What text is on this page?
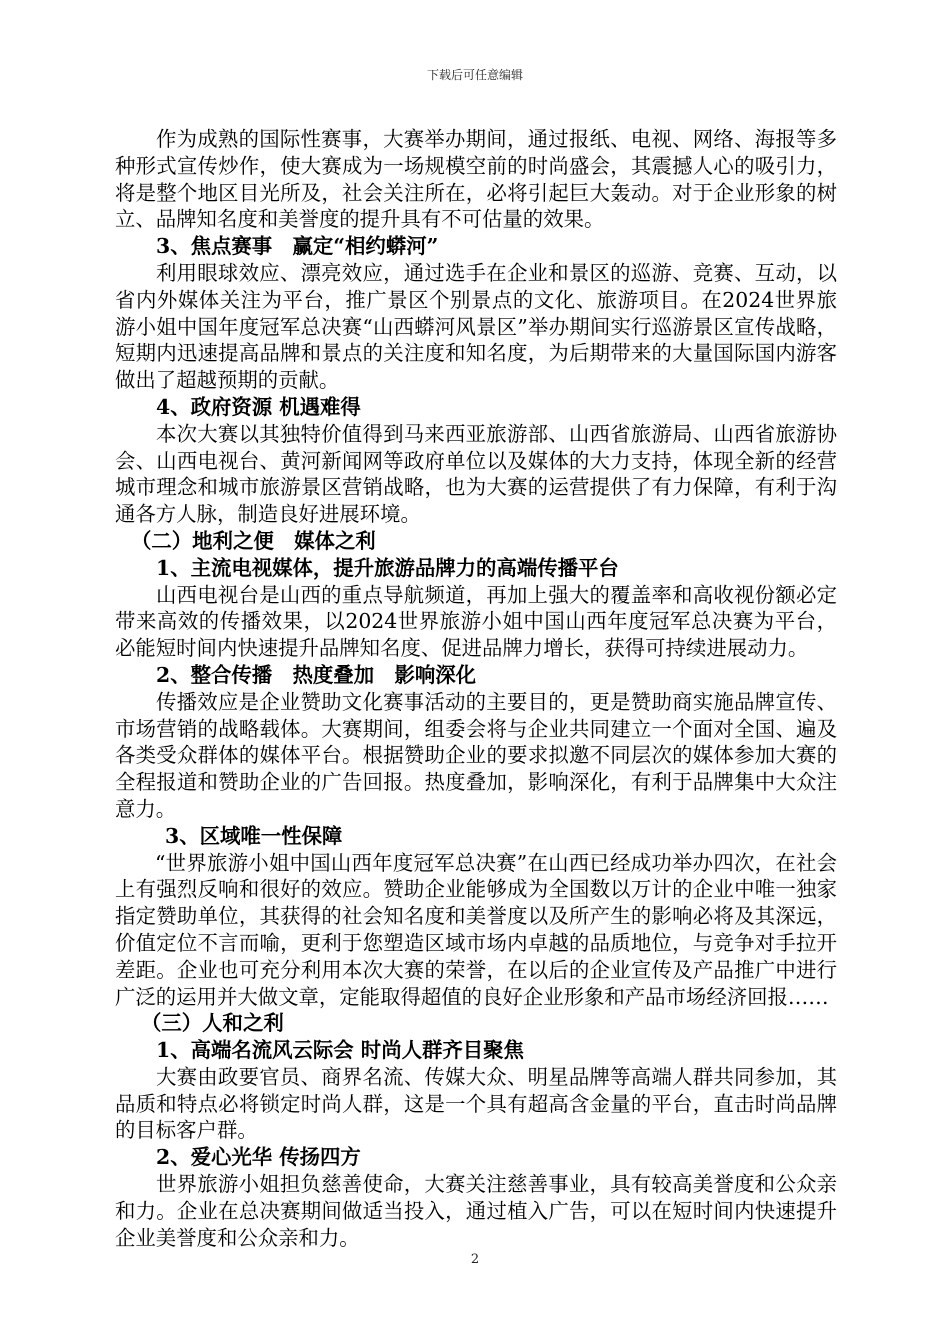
下载后可任意编辑

作为成熟的国际性赛事，大赛举办期间，通过报纸、电视、网络、海报等多种形式宣传炒作，使大赛成为一场规模空前的时尚盛会，其震撼人心的吸引力，将是整个地区目光所及，社会关注所在，必将引起巨大轰动。对于企业形象的树立、品牌知名度和美誉度的提升具有不可估量的效果。

3、焦点赛事　赢定“相约蟒河”

利用眼球效应、漂亮效应，通过选手在企业和景区的巡游、竞赛、互动，以省内外媒体关注为平台，推广景区个别景点的文化、旅游项目。在2024世界旅游小姐中国年度冠军总决赛“山西蟒河风景区”举办期间实行巡游景区宣传战略，短期内迅速提高品牌和景点的关注度和知名度，为后期带来的大量国际国内游客做出了超越预期的贡献。

4、政府资源 机遇难得

本次大赛以其独特价值得到马来西亚旅游部、山西省旅游局、山西省旅游协会、山西电视台、黄河新闻网等政府单位以及媒体的大力支持，体现全新的经营城市理念和城市旅游景区营销战略，也为大赛的运营提供了有力保障，有利于沟通各方人脉，制造良好进展环境。

（二）地利之便　媒体之利

1、主流电视媒体，提升旅游品牌力的高端传播平台

山西电视台是山西的重点导航频道，再加上强大的覆盖率和高收视份额必定带来高效的传播效果，以2024世界旅游小姐中国山西年度冠军总决赛为平台，必能短时间内快速提升品牌知名度、促进品牌力增长，获得可持续进展动力。

2、整合传播　热度叠加　影响深化

传播效应是企业赞助文化赛事活动的主要目的，更是赞助商实施品牌宣传、市场营销的战略载体。大赛期间，组委会将与企业共同建立一个面对全国、遍及各类受众群体的媒体平台。根据赞助企业的要求拟邀不同层次的媒体参加大赛的全程报道和赞助企业的广告回报。热度叠加，影响深化，有利于品牌集中大众注意力。

3、区域唯一性保障

“世界旅游小姐中国山西年度冠军总决赛”在山西已经成功举办四次，在社会上有强烈反响和很好的效应。赞助企业能够成为全国数以万计的企业中唯一独家指定赞助单位，其获得的社会知名度和美誉度以及所产生的影响必将及其深远，价值定位不言而喻，更利于您塑造区域市场内卓越的品质地位，与竞争对手拉开差距。企业也可充分利用本次大赛的荣誉，在以后的企业宣传及产品推广中进行广泛的运用并大做文章，定能取得超值的良好企业形象和产品市场经济回报……

（三）人和之利

1、高端名流风云际会 时尚人群齐目聚焦

大赛由政要官员、商界名流、传媒大众、明星品牌等高端人群共同参加，其品质和特点必将锁定时尚人群，这是一个具有超高含金量的平台，直击时尚品牌的目标客户群。

2、爱心光华 传扬四方

世界旅游小姐担负慈善使命，大赛关注慈善事业，具有较高美誉度和公众亲和力。企业在总决赛期间做适当投入，通过植入广告，可以在短时间内快速提升企业美誉度和公众亲和力。

2
